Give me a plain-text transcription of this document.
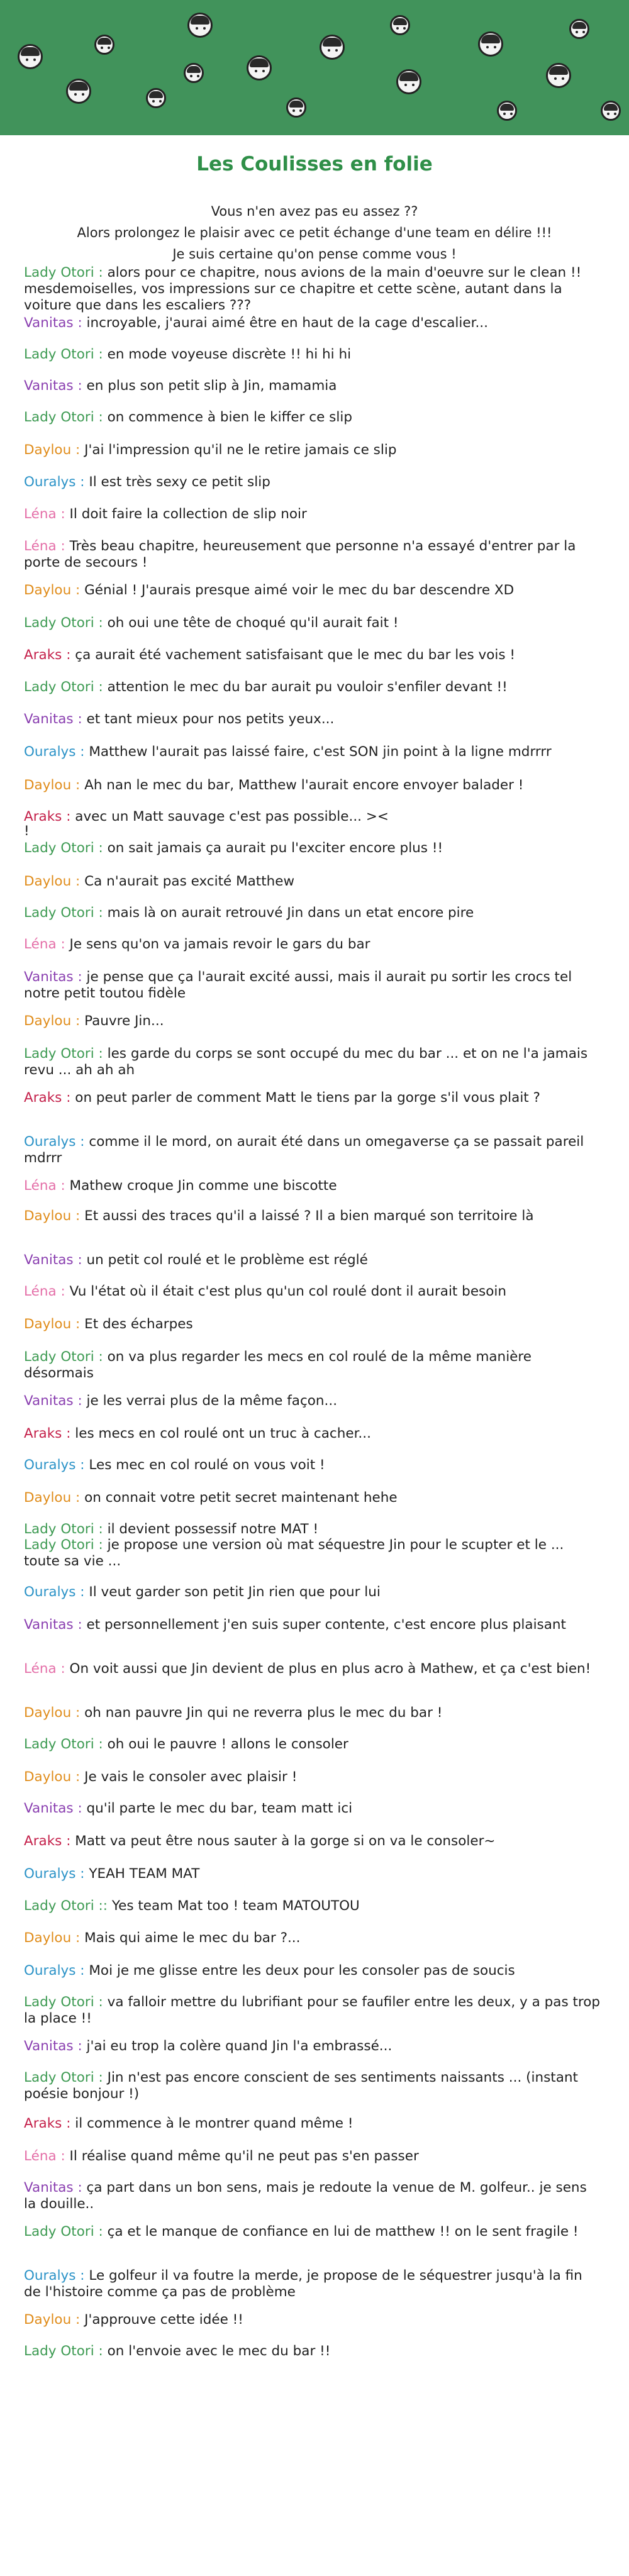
Les Coulisses en folie
Vous n'en avez pas eu assez ??
Alors prolongez le plaisir avec ce petit échange d'une team en délire !!!
Je suis certaine qu'on pense comme vous !
Lady Otori : alors pour ce chapitre, nous avions de la main d'oeuvre sur le clean !! mesdemoiselles, vos impressions sur ce chapitre et cette scène, autant dans la voiture que dans les escaliers ???
Vanitas : incroyable, j'aurai aimé être en haut de la cage d'escalier...
Lady Otori : en mode voyeuse discrète !! hi hi hi
Vanitas : en plus son petit slip à Jin, mamamia
Lady Otori : on commence à bien le kiffer ce slip
Daylou : J'ai l'impression qu'il ne le retire jamais ce slip
Ouralys : Il est très sexy ce petit slip
Léna : Il doit faire la collection de slip noir
Léna : Très beau chapitre, heureusement que personne n'a essayé d'entrer par la porte de secours !
Daylou : Génial ! J'aurais presque aimé voir le mec du bar descendre XD
Lady Otori : oh oui une tête de choqué qu'il aurait fait !
Araks : ça aurait été vachement satisfaisant que le mec du bar les vois !
Lady Otori : attention le mec du bar aurait pu vouloir s'enfiler devant !!
Vanitas : et tant mieux pour nos petits yeux...
Ouralys : Matthew l'aurait pas laissé faire, c'est SON jin point à la ligne mdrrrr
Daylou : Ah nan le mec du bar, Matthew l'aurait encore envoyer balader !
Araks : avec un Matt sauvage c'est pas possible... ><
!
Lady Otori : on sait jamais ça aurait pu l'exciter encore plus !!
Daylou : Ca n'aurait pas excité Matthew
Lady Otori : mais là on aurait retrouvé Jin dans un etat encore pire
Léna : Je sens qu'on va jamais revoir le gars du bar
Vanitas : je pense que ça l'aurait excité aussi, mais il aurait pu sortir les crocs tel notre petit toutou fidèle
Daylou : Pauvre Jin...
Lady Otori : les garde du corps se sont occupé du mec du bar ... et on ne l'a jamais revu ... ah ah ah
Araks : on peut parler de comment Matt le tiens par la gorge s'il vous plait ?
Ouralys : comme il le mord, on aurait été dans un omegaverse ça se passait pareil mdrrr
Léna : Mathew croque Jin comme une biscotte
Daylou : Et aussi des traces qu'il a laissé ? Il a bien marqué son territoire là
Vanitas : un petit col roulé et le problème est réglé
Léna : Vu l'état où il était c'est plus qu'un col roulé dont il aurait besoin
Daylou : Et des écharpes
Lady Otori : on va plus regarder les mecs en col roulé de la même manière désormais
Vanitas : je les verrai plus de la même façon...
Araks : les mecs en col roulé ont un truc à cacher...
Ouralys : Les mec en col roulé on vous voit !
Daylou : on connait votre petit secret maintenant hehe
Lady Otori : il devient possessif notre MAT !
Lady Otori : je propose une version où mat séquestre Jin pour le scupter et le ... toute sa vie ...
Ouralys : Il veut garder son petit Jin rien que pour lui
Vanitas : et personnellement j'en suis super contente, c'est encore plus plaisant
Léna : On voit aussi que Jin devient de plus en plus acro à Mathew, et ça c'est bien!
Daylou : oh nan pauvre Jin qui ne reverra plus le mec du bar !
Lady Otori : oh oui le pauvre ! allons le consoler
Daylou : Je vais le consoler avec plaisir !
Vanitas : qu'il parte le mec du bar, team matt ici
Araks : Matt va peut être nous sauter à la gorge si on va le consoler~
Ouralys : YEAH TEAM MAT
Lady Otori :: Yes team Mat too ! team MATOUTOU
Daylou : Mais qui aime le mec du bar ?...
Ouralys : Moi je me glisse entre les deux pour les consoler pas de soucis
Lady Otori : va falloir mettre du lubrifiant pour se faufiler entre les deux, y a pas trop la place !!
Vanitas : j'ai eu trop la colère quand Jin l'a embrassé...
Lady Otori : Jin n'est pas encore conscient de ses sentiments naissants ... (instant poésie bonjour !)
Araks : il commence à le montrer quand même !
Léna : Il réalise quand même qu'il ne peut pas s'en passer
Vanitas : ça part dans un bon sens, mais je redoute la venue de M. golfeur.. je sens la douille..
Lady Otori : ça et le manque de confiance en lui de matthew !! on le sent fragile !
Ouralys : Le golfeur il va foutre la merde, je propose de le séquestrer jusqu'à la fin de l'histoire comme ça pas de problème
Daylou : J'approuve cette idée !!
Lady Otori : on l'envoie avec le mec du bar !!
